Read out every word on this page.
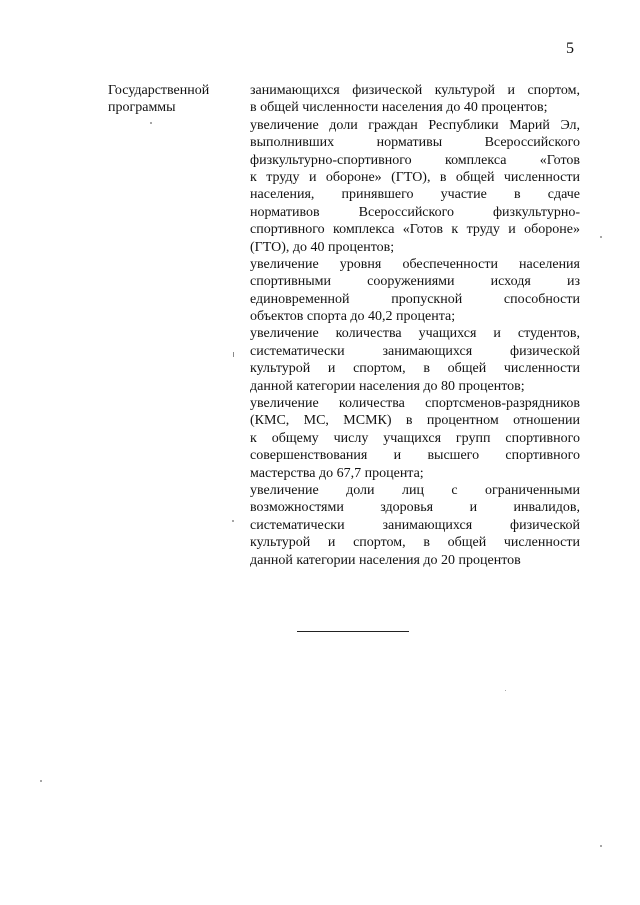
5
Государственной
программы
занимающихся физической культурой и спортом,
в общей численности населения до 40 процентов;
увеличение доли граждан Республики Марий Эл,
выполнивших нормативы Всероссийского
физкультурно-спортивного комплекса «Готов
к труду и обороне» (ГТО), в общей численности
населения, принявшего участие в сдаче
нормативов Всероссийского физкультурно-
спортивного комплекса «Готов к труду и обороне»
(ГТО), до 40 процентов;
увеличение уровня обеспеченности населения
спортивными сооружениями исходя из
единовременной пропускной способности
объектов спорта до 40,2 процента;
увеличение количества учащихся и студентов,
систематически занимающихся физической
культурой и спортом, в общей численности
данной категории населения до 80 процентов;
увеличение количества спортсменов-разрядников
(КМС, МС, МСМК) в процентном отношении
к общему числу учащихся групп спортивного
совершенствования и высшего спортивного
мастерства до 67,7 процента;
увеличение доли лиц с ограниченными
возможностями здоровья и инвалидов,
систематически занимающихся физической
культурой и спортом, в общей численности
данной категории населения до 20 процентов
